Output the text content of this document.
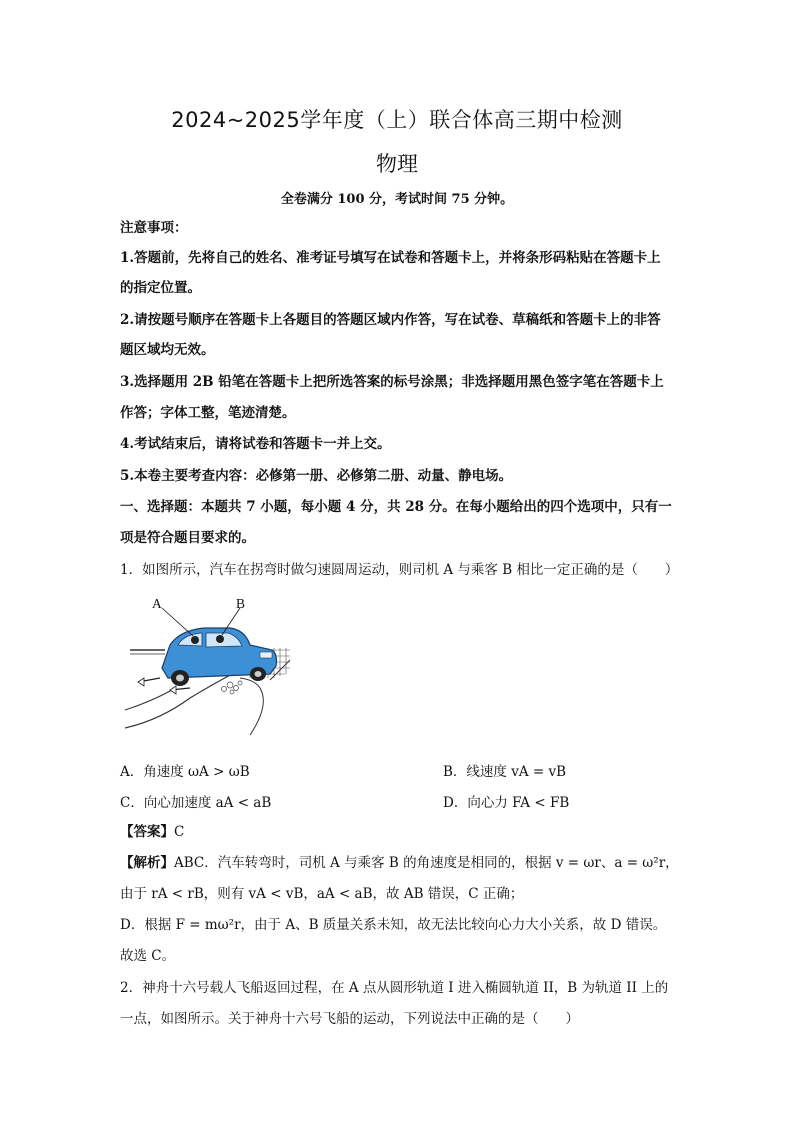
2024~2025学年度（上）联合体高三期中检测
物理
全卷满分 100 分，考试时间 75 分钟。
注意事项：
1.答题前，先将自己的姓名、准考证号填写在试卷和答题卡上，并将条形码粘贴在答题卡上
的指定位置。
2.请按题号顺序在答题卡上各题目的答题区域内作答，写在试卷、草稿纸和答题卡上的非答
题区域均无效。
3.选择题用 2B 铅笔在答题卡上把所选答案的标号涂黑；非选择题用黑色签字笔在答题卡上
作答；字体工整，笔迹清楚。
4.考试结束后，请将试卷和答题卡一并上交。
5.本卷主要考查内容：必修第一册、必修第二册、动量、静电场。
一、选择题：本题共 7 小题，每小题 4 分，共 28 分。在每小题给出的四个选项中，只有一
项是符合题目要求的。
1．如图所示，汽车在拐弯时做匀速圆周运动，则司机 A 与乘客 B 相比一定正确的是（　　）
A	B
A．角速度 ωA > ωB	B．线速度 vA = vB
C．向心加速度 aA < aB	D．向心力 FA < FB
【答案】C
【解析】ABC．汽车转弯时，司机 A 与乘客 B 的角速度是相同的，根据 v = ωr、a = ω²r，
由于 rA < rB，则有 vA < vB，aA < aB，故 AB 错误，C 正确；
D．根据 F = mω²r，由于 A、B 质量关系未知，故无法比较向心力大小关系，故 D 错误。
故选 C。
2．神舟十六号载人飞船返回过程，在 A 点从圆形轨道 I 进入椭圆轨道 II，B 为轨道 II 上的
一点，如图所示。关于神舟十六号飞船的运动，下列说法中正确的是（　　）
